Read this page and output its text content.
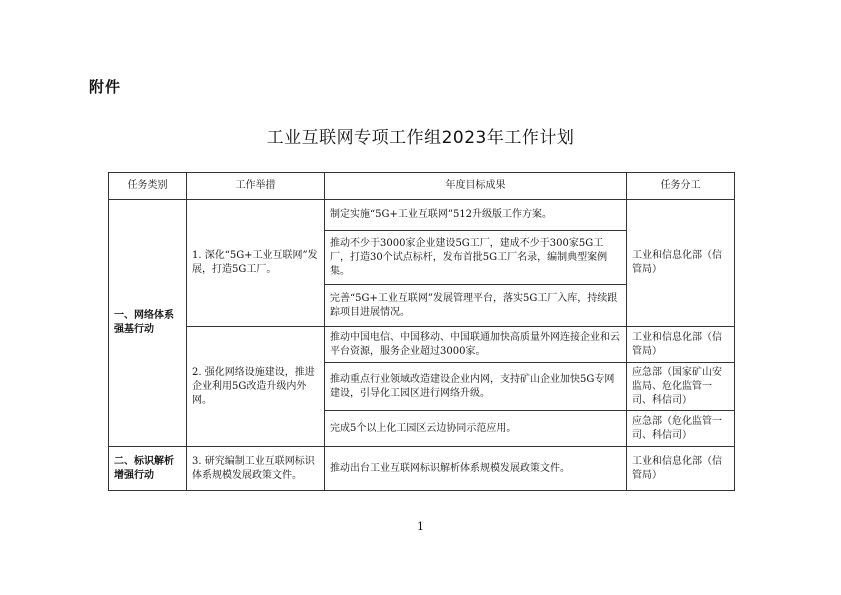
附件
工业互联网专项工作组2023年工作计划
任务类别	工作举措	年度目标成果	任务分工
一、网络体系强基行动	1. 深化“5G+工业互联网”发展，打造5G工厂。	制定实施“5G+工业互联网”512升级版工作方案。	工业和信息化部（信管局）
		推动不少于3000家企业建设5G工厂，建成不少于300家5G工厂，打造30个试点标杆，发布首批5G工厂名录，编制典型案例集。	
		完善“5G+工业互联网”发展管理平台，落实5G工厂入库，持续跟踪项目进展情况。	
	2. 强化网络设施建设，推进企业利用5G改造升级内外网。	推动中国电信、中国移动、中国联通加快高质量外网连接企业和云平台资源，服务企业超过3000家。	工业和信息化部（信管局）
		推动重点行业领域改造建设企业内网，支持矿山企业加快5G专网建设，引导化工园区进行网络升级。	应急部（国家矿山安监局、危化监管一司、科信司）
		完成5个以上化工园区云边协同示范应用。	应急部（危化监管一司、科信司）
二、标识解析增强行动	3. 研究编制工业互联网标识体系规模发展政策文件。	推动出台工业互联网标识解析体系规模发展政策文件。	工业和信息化部（信管局）
1
